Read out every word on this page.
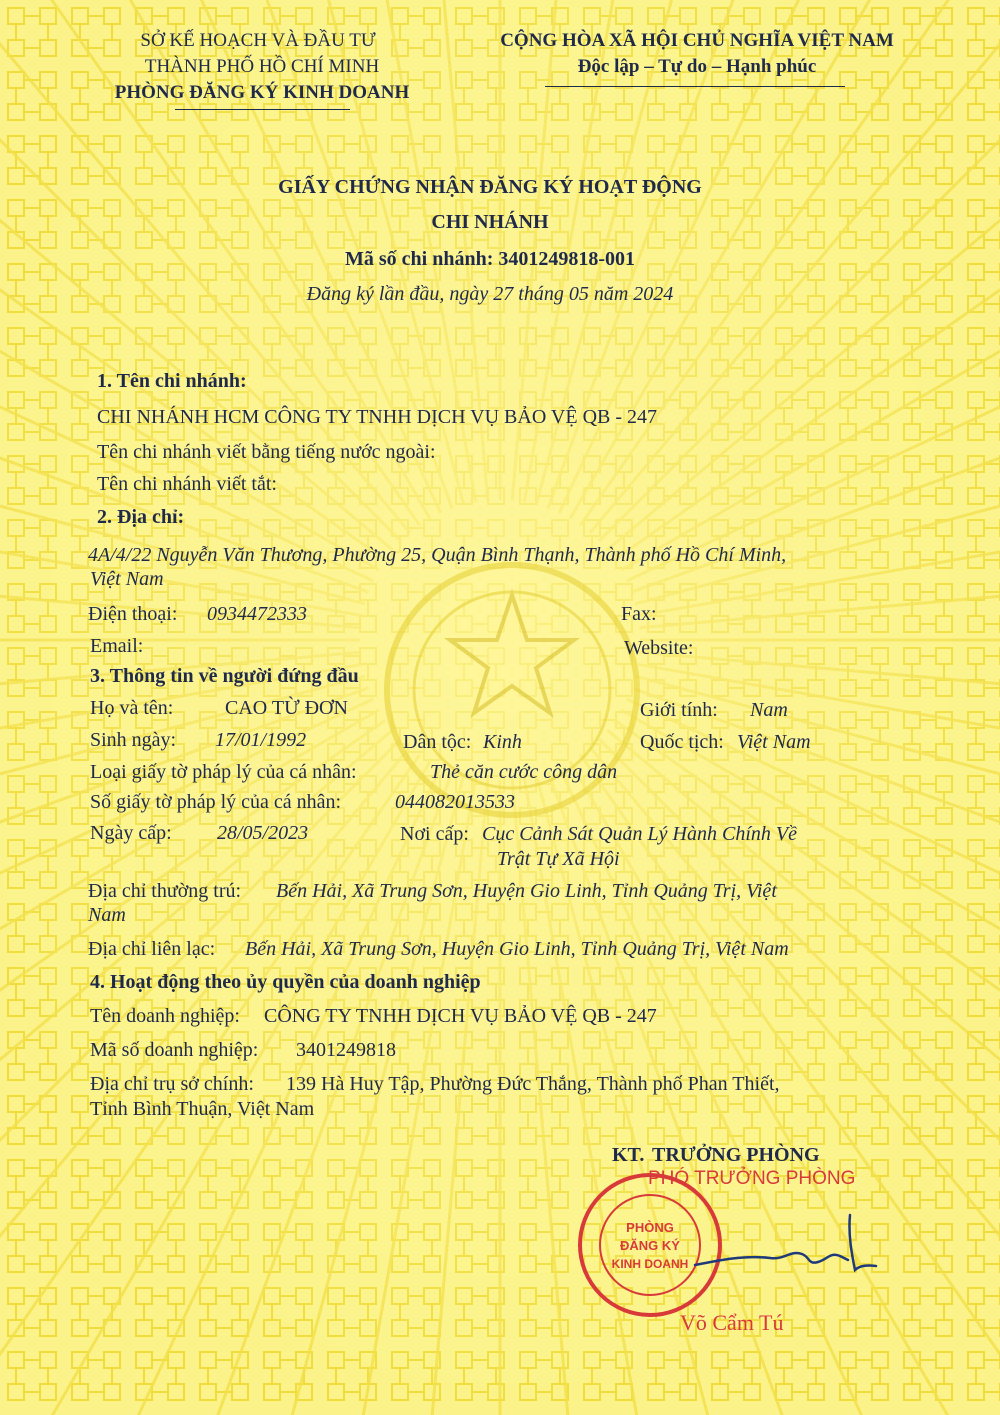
SỞ KẾ HOẠCH VÀ ĐẦU TƯ
THÀNH PHỐ HỒ CHÍ MINH
PHÒNG ĐĂNG KÝ KINH DOANH
CỘNG HÒA XÃ HỘI CHỦ NGHĨA VIỆT NAM
Độc lập – Tự do – Hạnh phúc
GIẤY CHỨNG NHẬN ĐĂNG KÝ HOẠT ĐỘNG
CHI NHÁNH
Mã số chi nhánh: 3401249818-001
Đăng ký lần đầu, ngày 27 tháng 05 năm 2024
1. Tên chi nhánh:
CHI NHÁNH HCM CÔNG TY TNHH DỊCH VỤ BẢO VỆ QB - 247
Tên chi nhánh viết bằng tiếng nước ngoài:
Tên chi nhánh viết tắt:
2. Địa chỉ:
4A/4/22 Nguyễn Văn Thương, Phường 25, Quận Bình Thạnh, Thành phố Hồ Chí Minh,
Việt Nam
Điện thoại: 0934472333	Fax:
Email:	Website:
3. Thông tin về người đứng đầu
Họ và tên:	CAO TỪ ĐƠN	Giới tính: Nam
Sinh ngày: 17/01/1992	Dân tộc: Kinh	Quốc tịch: Việt Nam
Loại giấy tờ pháp lý của cá nhân:	Thẻ căn cước công dân
Số giấy tờ pháp lý của cá nhân:	044082013533
Ngày cấp: 28/05/2023	Nơi cấp: Cục Cảnh Sát Quản Lý Hành Chính Về
Trật Tự Xã Hội
Địa chỉ thường trú: Bến Hải, Xã Trung Sơn, Huyện Gio Linh, Tỉnh Quảng Trị, Việt
Nam
Địa chỉ liên lạc: Bến Hải, Xã Trung Sơn, Huyện Gio Linh, Tỉnh Quảng Trị, Việt Nam
4. Hoạt động theo ủy quyền của doanh nghiệp
Tên doanh nghiệp: CÔNG TY TNHH DỊCH VỤ BẢO VỆ QB - 247
Mã số doanh nghiệp: 3401249818
Địa chỉ trụ sở chính: 139 Hà Huy Tập, Phường Đức Thắng, Thành phố Phan Thiết,
Tỉnh Bình Thuận, Việt Nam
KT. TRƯỞNG PHÒNG
PHÓ TRƯỞNG PHÒNG
PHÒNG
ĐĂNG KÝ
KINH DOANH
Võ Cẩm Tú
